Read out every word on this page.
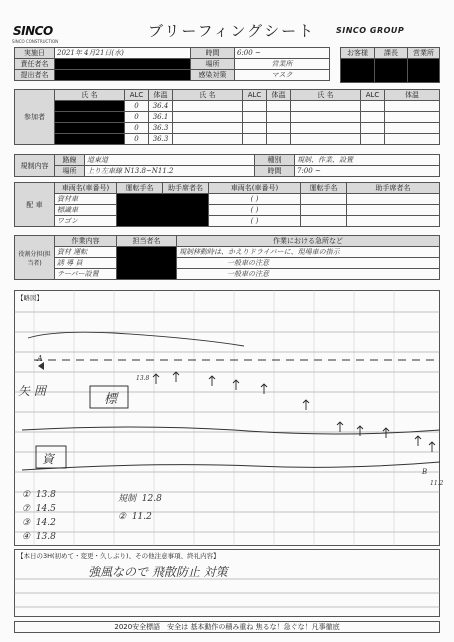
SINCO
SINCO CONSTRUCTION
ブリーフィングシート	SINCO GROUP
実施日	2021年 4月21日(水)	時間	6:00 ~
責任者名		場所	営業所
提出者名		感染対策	マスク
お客様	課長	営業所

参加者	氏 名	ALC	体温	氏 名	ALC	体温	氏 名	ALC	体温
		0	36.4						
		0	36.1						
		0	36.3						
		0	36.3						
規制内容	路線	道東道	種別	規制、作業、設置
	場所	上り左車線 N13.8~N11.2	時間	7:00 ~
配 車	車両名(車番号)	運転手名	助手席者名	車両名(車番号)	運転手名	助手席者名
	資材車			( )		
	標識車			( )		
	ワゴン			( )		
役割分担(担当者)	作業内容	担当者名	作業における急所など
	資材 運転		規制移動時は、かえりドライバーに、現場車の指示
	誘 導 員		一般車の注意
	テーパー設置		一般車の注意
【略図】
A
13.8
矢 囲
標
資
B
11.2
① 13.8
⑦ 14.5
③ 14.2
④ 13.8
規制 12.8
② 11.2
【本日の3H(初めて・変更・久しぶり)、その他注意事項、終礼内容】
強風なので 飛散防止 対策
2020安全標語　安全は 基本動作の積み重ね 焦るな！急ぐな！凡事徹底
